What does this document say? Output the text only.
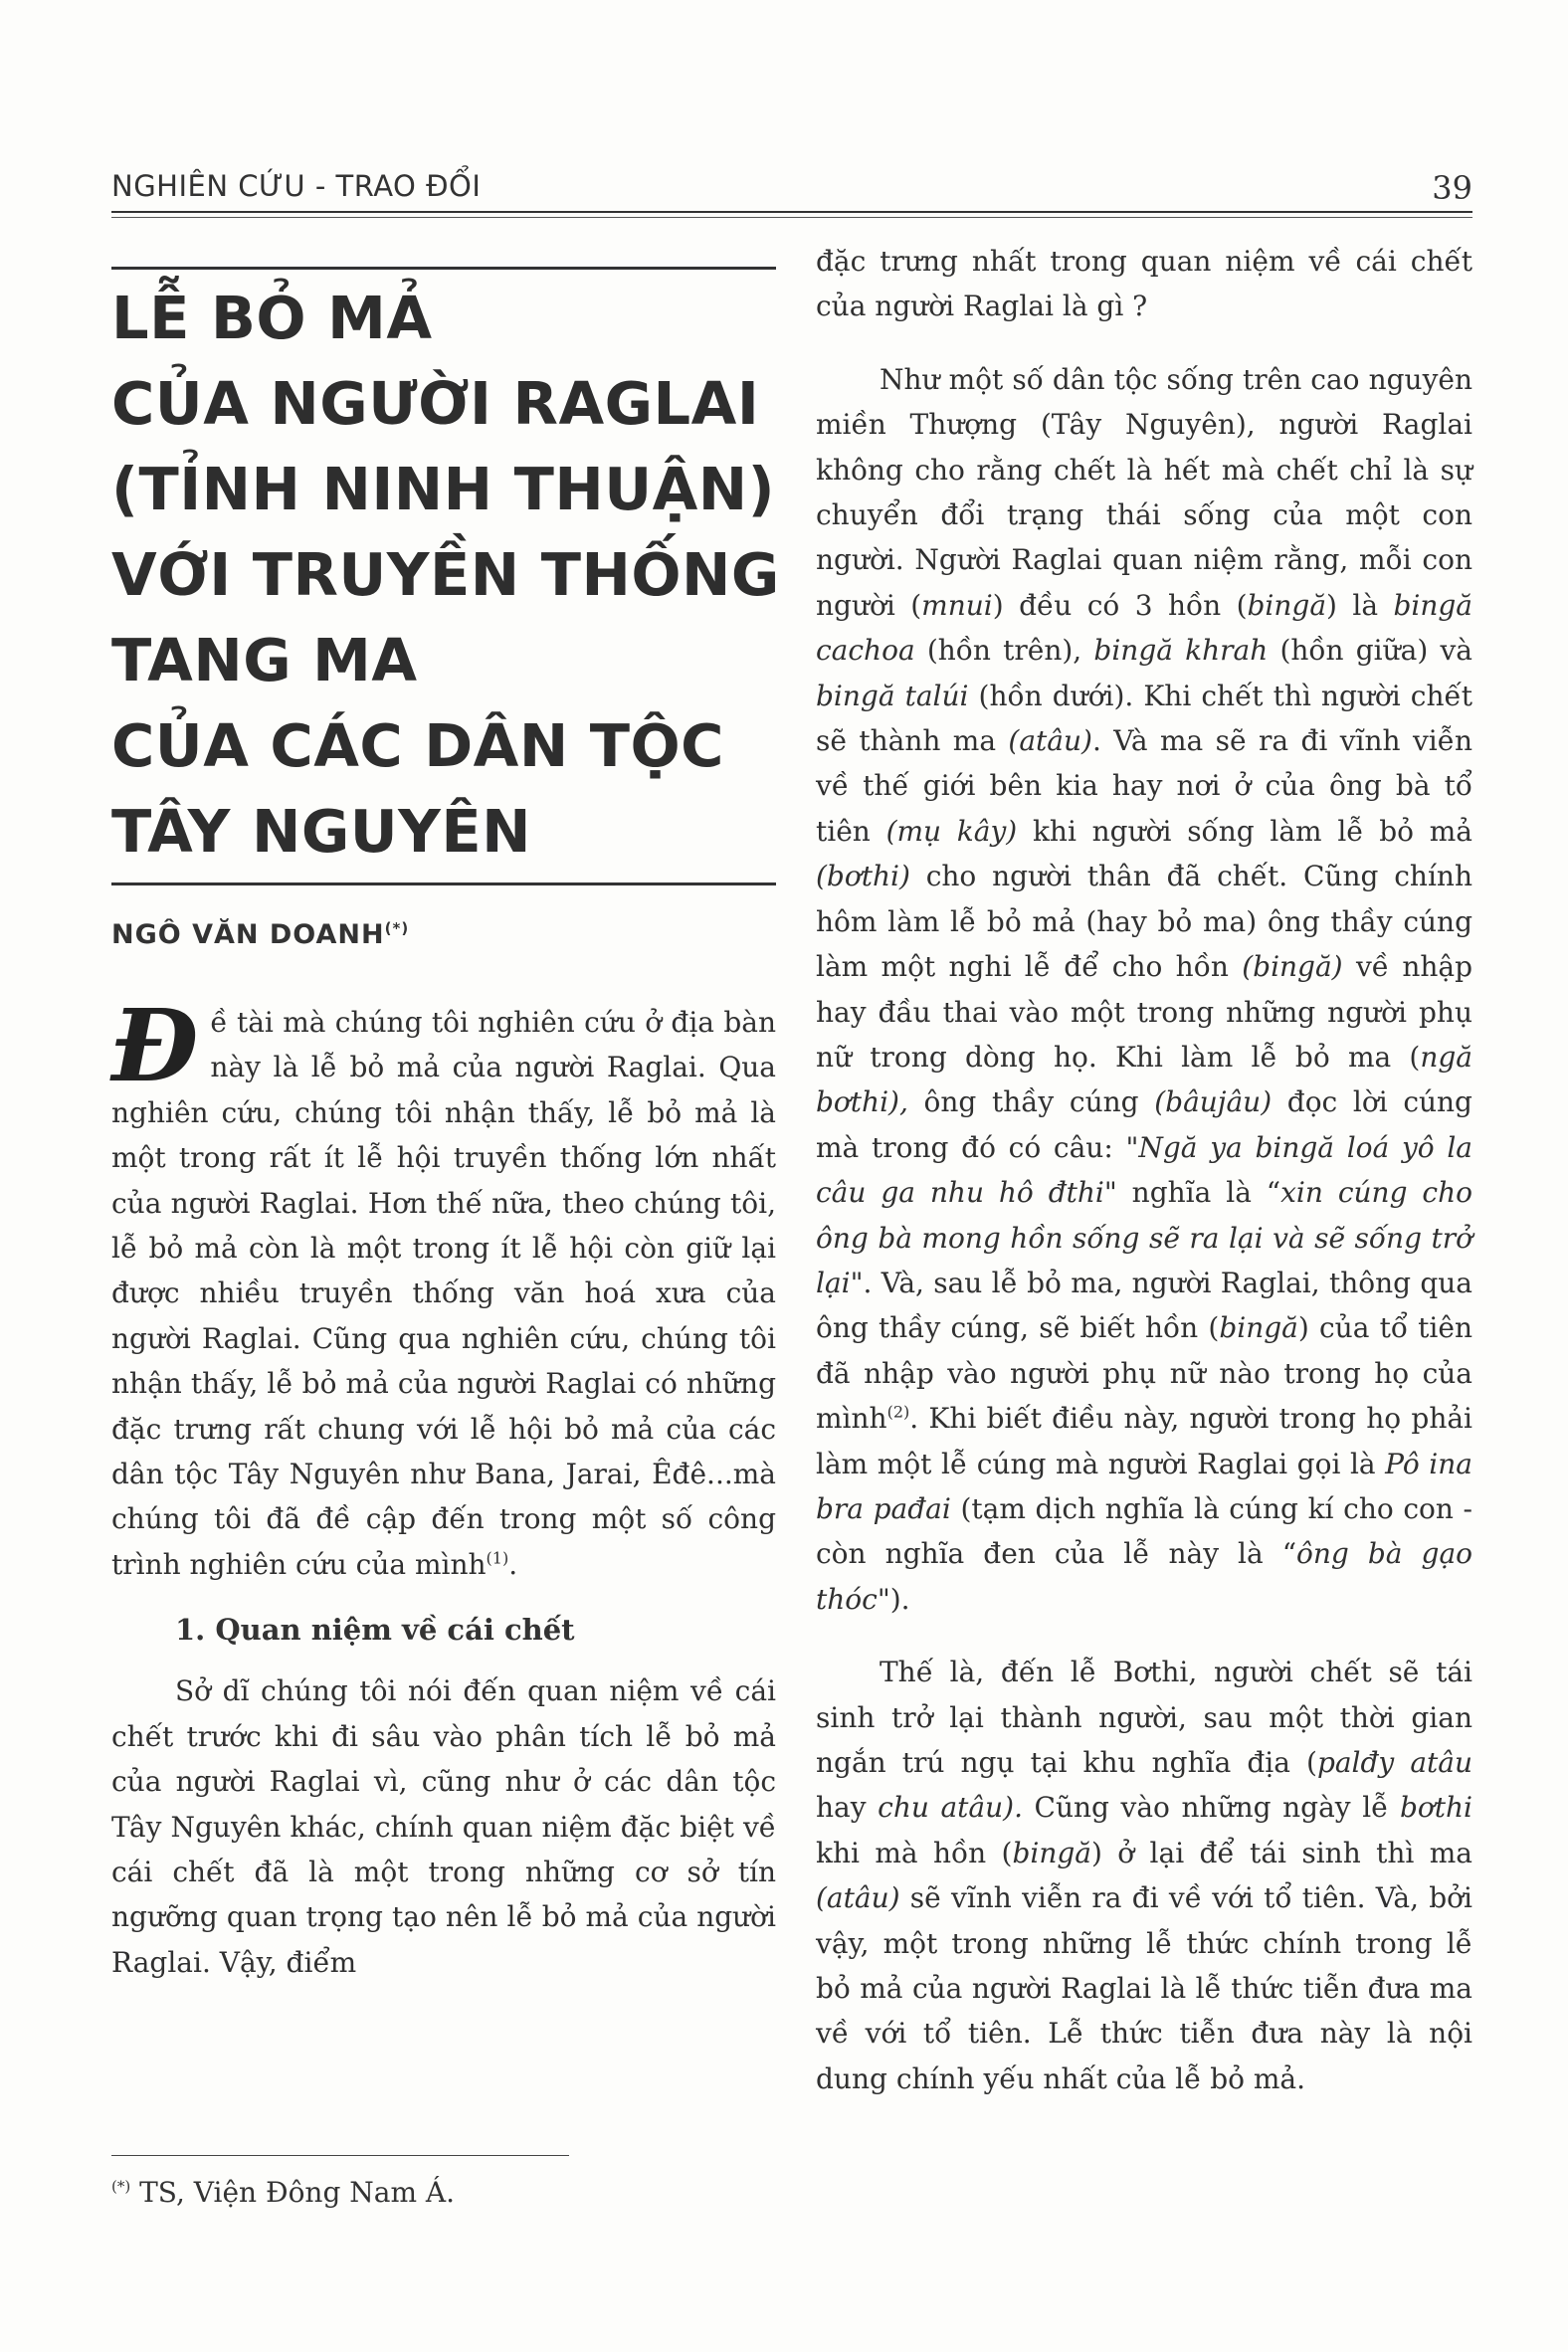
NGHIÊN CỨU - TRAO ĐỔI	39
LỄ BỎ MẢ
CỦA NGƯỜI RAGLAI
(TỈNH NINH THUẬN)
VỚI TRUYỀN THỐNG
TANG MA
CỦA CÁC DÂN TỘC
TÂY NGUYÊN
NGÔ VĂN DOANH(*)

Đề tài mà chúng tôi nghiên cứu ở địa bàn này là lễ bỏ mả của người Raglai. Qua nghiên cứu, chúng tôi nhận thấy, lễ bỏ mả là một trong rất ít lễ hội truyền thống lớn nhất của người Raglai. Hơn thế nữa, theo chúng tôi, lễ bỏ mả còn là một trong ít lễ hội còn giữ lại được nhiều truyền thống văn hoá xưa của người Raglai. Cũng qua nghiên cứu, chúng tôi nhận thấy, lễ bỏ mả của người Raglai có những đặc trưng rất chung với lễ hội bỏ mả của các dân tộc Tây Nguyên như Bana, Jarai, Êđê...mà chúng tôi đã đề cập đến trong một số công trình nghiên cứu của mình$^{(1)}$.

1. Quan niệm về cái chết

Sở dĩ chúng tôi nói đến quan niệm về cái chết trước khi đi sâu vào phân tích lễ bỏ mả của người Raglai vì, cũng như ở các dân tộc Tây Nguyên khác, chính quan niệm đặc biệt về cái chết đã là một trong những cơ sở tín ngưỡng quan trọng tạo nên lễ bỏ mả của người Raglai. Vậy, điểm

(*) TS, Viện Đông Nam Á.

đặc trưng nhất trong quan niệm về cái chết của người Raglai là gì ?

Như một số dân tộc sống trên cao nguyên miền Thượng (Tây Nguyên), người Raglai không cho rằng chết là hết mà chết chỉ là sự chuyển đổi trạng thái sống của một con người. Người Raglai quan niệm rằng, mỗi con người (mnui) đều có 3 hồn (bingă) là bingă cachoa (hồn trên), bingă khrah (hồn giữa) và bingă talúi (hồn dưới). Khi chết thì người chết sẽ thành ma (atâu). Và ma sẽ ra đi vĩnh viễn về thế giới bên kia hay nơi ở của ông bà tổ tiên (mụ kây) khi người sống làm lễ bỏ mả (bơthi) cho người thân đã chết. Cũng chính hôm làm lễ bỏ mả (hay bỏ ma) ông thầy cúng làm một nghi lễ để cho hồn (bingă) về nhập hay đầu thai vào một trong những người phụ nữ trong dòng họ. Khi làm lễ bỏ ma (ngă bơthi), ông thầy cúng (bâujâu) đọc lời cúng mà trong đó có câu: "Ngă ya bingă loá yô la câu ga nhu hô đthi" nghĩa là “xin cúng cho ông bà mong hồn sống sẽ ra lại và sẽ sống trở lại". Và, sau lễ bỏ ma, người Raglai, thông qua ông thầy cúng, sẽ biết hồn (bingă) của tổ tiên đã nhập vào người phụ nữ nào trong họ của mình$^{(2)}$. Khi biết điều này, người trong họ phải làm một lễ cúng mà người Raglai gọi là Pô ina bra pađai (tạm dịch nghĩa là cúng kí cho con - còn nghĩa đen của lễ này là “ông bà gạo thóc").

Thế là, đến lễ Bơthi, người chết sẽ tái sinh trở lại thành người, sau một thời gian ngắn trú ngụ tại khu nghĩa địa (palđy atâu hay chu atâu). Cũng vào những ngày lễ bơthi khi mà hồn (bingă) ở lại để tái sinh thì ma (atâu) sẽ vĩnh viễn ra đi về với tổ tiên. Và, bởi vậy, một trong những lễ thức chính trong lễ bỏ mả của người Raglai là lễ thức tiễn đưa ma về với tổ tiên. Lễ thức tiễn đưa này là nội dung chính yếu nhất của lễ bỏ mả.
